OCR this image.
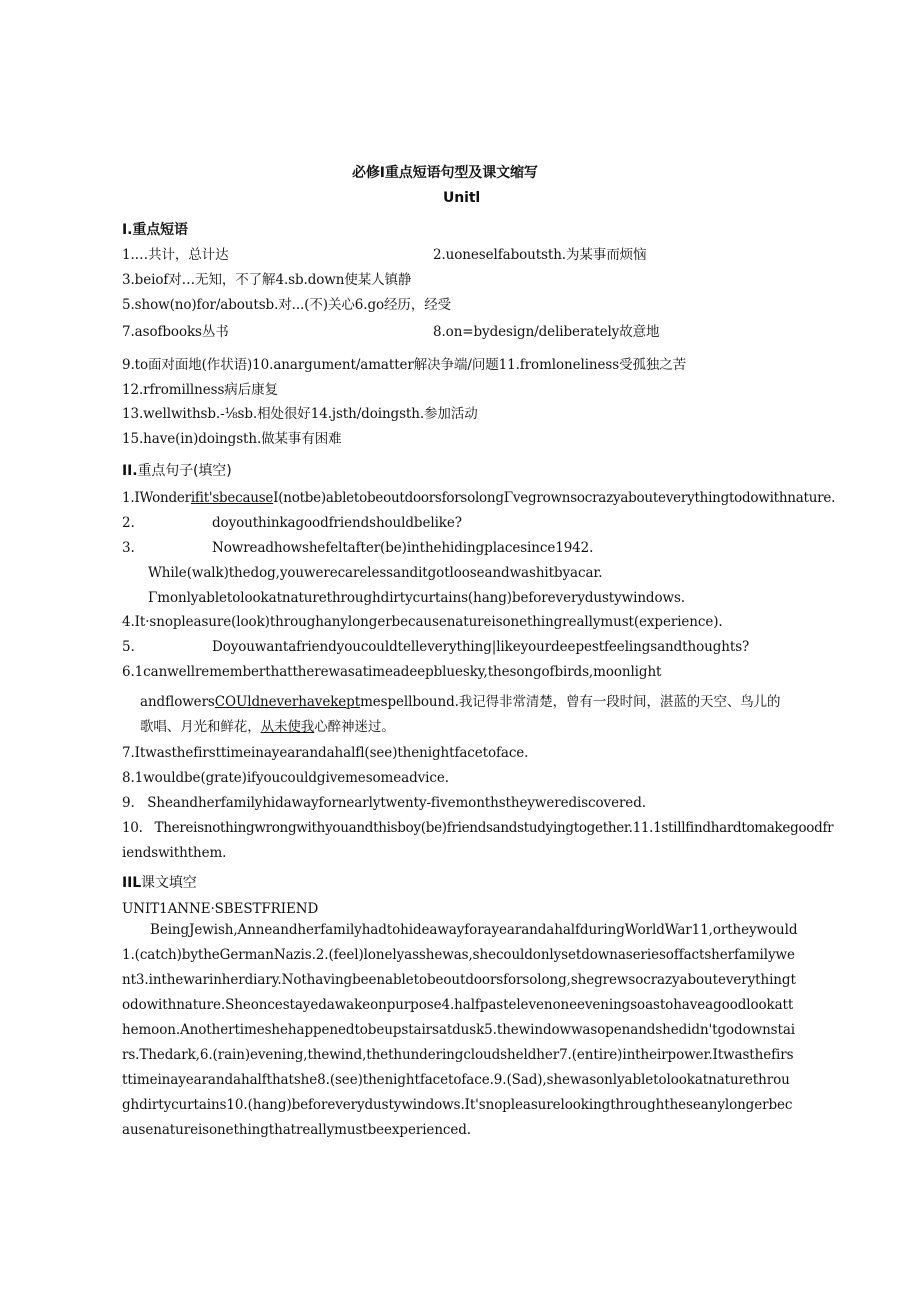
必修I重点短语句型及课文缩写
Unitl
I.重点短语
1.…共计，总计达	2.uoneselfaboutsth.为某事而烦恼
3.beiof对…无知，不了解4.sb.down使某人镇静
5.show(no)for/aboutsb.对...(不)关心6.go经历，经受
7.asofbooks丛书	8.on=bydesign/deliberately故意地
9.to面对面地(作状语)10.anargument/amatter解决争端/问题11.fromloneliness受孤独之苦
12.rfromillness病后康复
13.wellwithsb.-⅛sb.相处很好14.jsth/doingsth.参加活动
15.have(in)doingsth.做某事有困难
II.重点句子(填空)
1.IWonderifit'sbecauseI(notbe)abletobeoutdoorsforsolongΓvegrownsocrazyabouteverythingtodowithnature.
2.	doyouthinkagoodfriendshouldbelike?
3.	Nowreadhowshefeltafter(be)inthehidingplacesince1942.
While(walk)thedog,youwerecarelessanditgotlooseandwashitbyacar.
Γmonlyabletolookatnaturethroughdirtycurtains(hang)beforeverydustywindows.
4.It·snopleasure(look)throughanylongerbecausenatureisonethingreallymust(experience).
5.	Doyouwantafriendyoucouldtelleverything|likeyourdeepestfeelingsandthoughts?
6.1canwellrememberthattherewasatimeadeepbluesky,thesongofbirds,moonlight
andflowersCOUldneverhavekeptmespellbound.我记得非常清楚，曾有一段时间，湛蓝的天空、鸟儿的
歌唱、月光和鲜花，从未使我心醉神迷过。
7.Itwasthefirsttimeinayearandahalfl(see)thenightfacetoface.
8.1wouldbe(grate)ifyoucouldgivemesomeadvice.
9.   Sheandherfamilyhidawayfornearlytwenty-fivemonthstheywerediscovered.
10.   Thereisnothingwrongwithyouandthisboy(be)friendsandstudyingtogether.11.1stillfindhardtomakegoodfr
iendswiththem.
IIL课文填空
UNIT1ANNE·SBESTFRIEND
BeingJewish,AnneandherfamilyhadtohideawayforayearandahalfduringWorldWar11,ortheywould1.(catch)bytheGermanNazis.2.(feel)lonelyasshewas,shecouldonlysetdownaseriesoffactsherfamilywent3.inthewarinherdiary.Nothavingbeenabletobeoutdoorsforsolong,shegrewsocrazyabouteverythingtodowithnature.Sheoncestayedawakeonpurpose4.halfpastelevenoneeveningsoastohaveagoodlookatthemoon.Anothertimeshehappenedtobeupstairsatdusk5.thewindowwasopenandshedidn'tgodownstairs.Thedark,6.(rain)evening,thewind,thethunderingcloudsheldher7.(entire)intheirpower.Itwasthefirsttimeinayearandahalfthatshe8.(see)thenightfacetoface.9.(Sad),shewasonlyabletolookatnaturethroughdirtycurtains10.(hang)beforeverydustywindows.It'snopleasurelookingthroughtheseanylongerbecausenatureisonethingthatreallymustbeexperienced.
